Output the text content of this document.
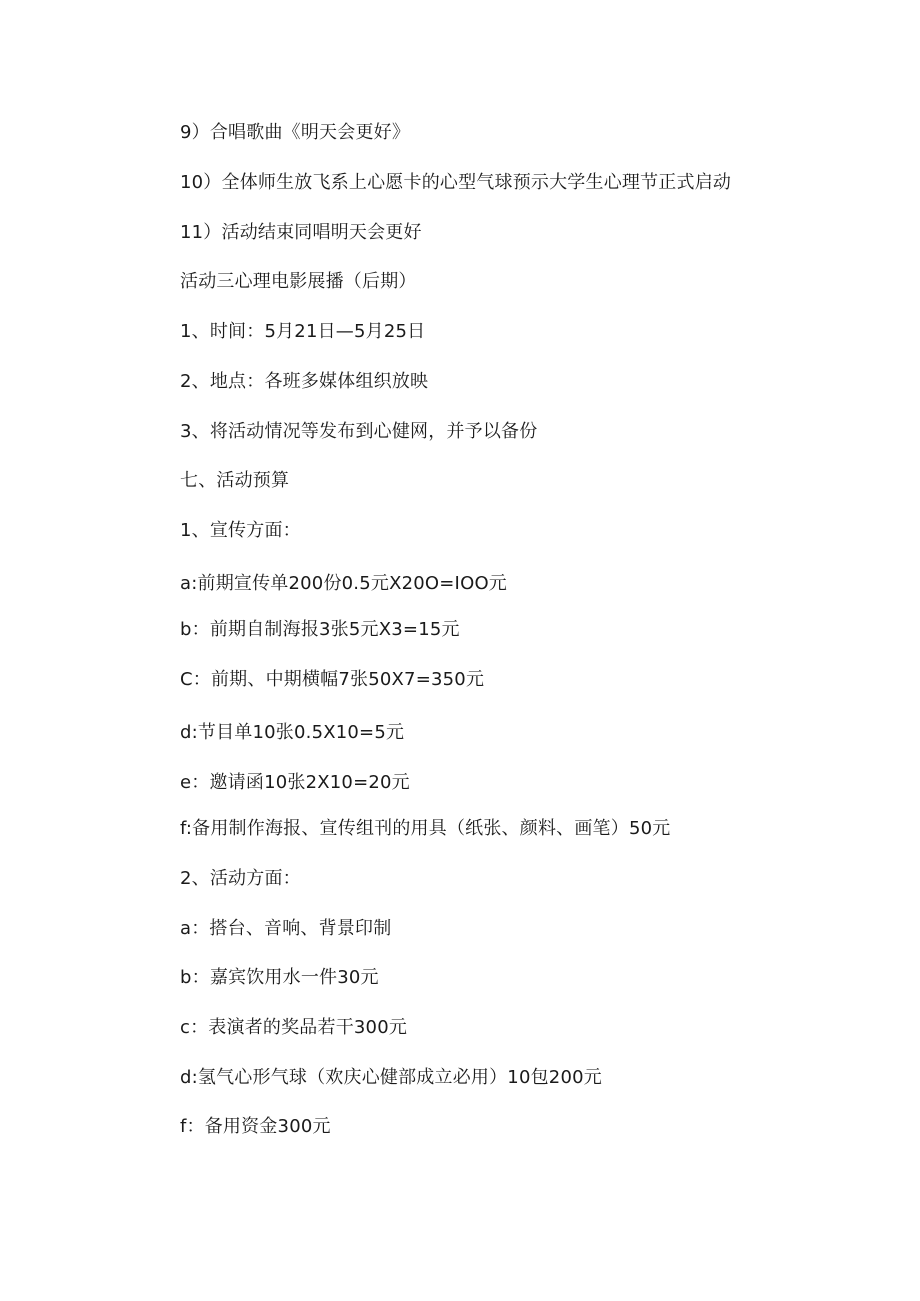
9）合唱歌曲《明天会更好》
10）全体师生放飞系上心愿卡的心型气球预示大学生心理节正式启动
11）活动结束同唱明天会更好
活动三心理电影展播（后期）
1、时间：5月21日—5月25日
2、地点：各班多媒体组织放映
3、将活动情况等发布到心健网，并予以备份
七、活动预算
1、宣传方面：
a:前期宣传单200份0.5元X20O=IOO元
b：前期自制海报3张5元X3=15元
C：前期、中期横幅7张50X7=350元
d:节目单10张0.5X10=5元
e：邀请函10张2X10=20元
f:备用制作海报、宣传组刊的用具（纸张、颜料、画笔）50元
2、活动方面：
a：搭台、音响、背景印制
b：嘉宾饮用水一件30元
c：表演者的奖品若干300元
d:氢气心形气球（欢庆心健部成立必用）10包200元
f：备用资金300元
